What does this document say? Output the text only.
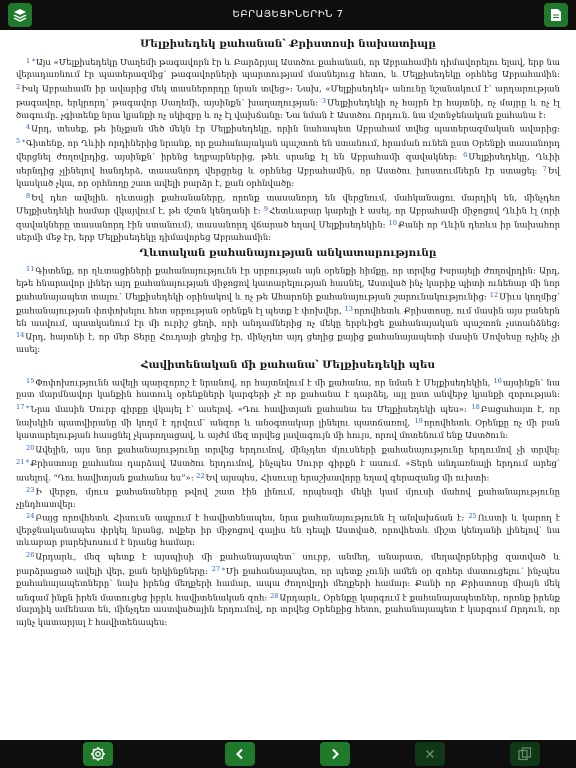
ԵԲՐԱՅԵՑԻՆԵՐԻՆ 7
Մելքիսեդեկ քահանան՝ Քրիստոսի նախատիպը

$^{1∗}$Այս «Մելքիսեդեկը Սաղեմի թագավորն էր և Բարձրյալ Աստծու քահանան, որ Աբրահամին դիմավորելու ելավ, երբ նա վերադառնում էր պատերազմից՝ թագավորների պարտությամ մասնեյուց հետո, և Մելքիսեդեկը օրհնեց Աբրահամին: $^2$Իսկ Աբրահամն իր ավարից մեկ տասներորդը նրան տվեց»: Նախ, «Մելքիսեդեկ» անունը նշանակում է՝ արդարության թագավոր, երկրորդ՝ թագավոր Սաղեմի, այսինքն՝ խաղաղության: $^3$Մելքիսեդեկի ոչ հայրն էր հայտնի, ոչ մայրը և ոչ էլ ծագումը. չգիտենք նրա կյանքի ոչ սկիզբը և ոչ էլ վախճանը: Նա նման է Աստծու Որդուն. նա մշտնջենական քահանա է:

$^4$Արդ, տեսեք, թե ինչքան մեծ մեկն էր Մելքիսեդեկը, որին նահապետ Աբրահամ տվեց պատերազմական ավարից: $^{5∗}$Գիտենք, որ Ղևիի որդիներից նրանք, որ քահանայական պաշտոն են ստանում, հրաման ունեն ըստ Օրենքի տասանորդ վերցնել ժողովրդից, այսինքն՝ իրենց եղբայրներից, թեև սրանք էլ են Աբրահամի զավակներ: $^6$Մելքիսեդեկը, Ղևիի սերնդից չլինելով հանդերձ, տասանորդ վերցրեց և օրհնեց Աբրահամին, որ Աստծու խոստումներն էր ստացել: $^7$Եվ կասկած չկա, որ օրհնողը շատ ավելի բարձր է, քան օրհնվածը:

$^8$Եվ դեռ ավելին. ղևտացի քահանաները, որոնք տասանորդ են վերցնում, մահկանացու մարդիկ են, մինչդեռ Մելքիսեդեկի համար վկայվում է, թե մշտն կենդանի է: $^9$Հետևաբար կարելի է ասել, որ Աբրահամի միջոցով Ղևին էլ (որի զավակները տասանորդ էին ստանում), տասանորդ վճարած եղավ Մելքիսեդեկին: $^{10}$Քանի որ Ղևին դեռևս իր նախահոր սերմի մեջ էր, երբ Մելքիսեդեկը դիմավորեց Աբրահամին:

Ղևտական քահանայության անկատարությունը

$^{11}$Գիտենք, որ ղևտացիների քահանայությունն էր սրբության այն օրենքի հիմքը, որ տրվեց Իսրայելի ժողովրդին: Արդ, եթե հնարավոր լիներ այդ քահանայության միջոցով կատարելության հասնել, Աստված ինչ կարիք պիտի ունենար մի նոր քահանայապետ տալու՝ Մելքիսեդեկի օրինակով և ոչ թե Ահարոնի քահանայության շարունակությունից: $^{12}$Միւս կողմից՝ քահանայության փոփոխելու հետ սրբության օրենքն էլ պետք է փոխվեր, $^{13}$որովհետև Քրիստոսը, ում մասին այս բաներն են ասվում, պատկանում էր մի ուրիշ ցեղի, որի անդամներից ոչ մեկը երբևիցե քահանայական պաշտոն չստանձնեց: $^{14}$Արդ, հայտնի է, որ մեր Տերը Հուդայի ցեղից էր, մինչդեռ այդ ցեղից քայից քահանայապետի մասին Մովսեսը ոչինչ չի ասել:

Հավիտենական մի քահանա՝ Մելքիսեդեկի պես

$^{15}$Փոփոխությունն ավելի պարզորոշ է նրանով, որ հայտնվում է մի քահանա, որ նման է Մելքիսեդեկին, $^{16}$այսինքն՝ նա ըստ մարմնավոր կանքին հատուկ օրենքների կարգերի չէ որ քահանա է դարձել, այլ ըստ անվերջ կյանքի զորության: $^{17∗}$Նրա մասին Սուրբ գիրքը վկայել է՝ ասելով. «Դու հավիտյան քահանա ես Մելքիսեդեկի պես»: $^{18}$Բացահայտ է, որ նախկին պատվիրանը մի կողմ է դրվում՝ անզոր և անօգտակար լինելու պատճառով, $^{19}$որովհետև Օրենքը ոչ մի բան կատարելության հասցնել չկարողացավ, և այժմ մեզ տրվեց լավագույն մի հույս, որով մոտենում ենք Աստծուն:

$^{20}$Ավելին, այս նոր քահանայությունը տրվեց երդումով, մինչդեռ մյուսների քահանայությունը երդումով չի տրվել: $^{21∗}$Քրիստոսը քահանա դարձավ Աստծու երդումով, ինչպես Սուրբ գիրքն է ասում. «Տերն անդառնալի երդում արեց՝ ասելով. “Դու հավիտյան քահանա ես”»: $^{22}$Եվ այսպես, Հիսուսը երաշխավորը եղավ գերազանց մի ուխտի:

$^{23}$Ի վերջո, մյուս քահանաները թվով շատ էին լինում, որպեսզի մեկի կամ մյուսի մահով քահանայությունը չընդհատվեր:

$^{24}$Բայց որովհետև Հիսուսն ապրում է հավիտենապես, նրա քահանայությունն էլ անվախճան է: $^{25}$Ուստի և կարող է վերջնականապես փրկել նրանց, ովքեր իր միջոցով գալիս են դեպի Աստված, որովհետև միշտ կենդանի լինելով՝ նա տևաբար բարեխոսում է նրանց համար:

$^{26}$Արդարև, մեզ պետք է այսպիսի մի քահանայապետ՝ սուրբ, անմեղ, անարատ, մեղավորներից զատված և բարձրացած ավելի վեր, քան երկինքները: $^{27∗}$Մի քահանայապետ, որ պետք չունի ամեն օր զոհեր մատուցելու՝ ինչպես քահանայապետները՝ նախ իրենց մեղքերի համար, ապա ժողովրդի մեղքերի համար: Քանի որ Քրիստոսը միայն մեկ անգամ ինքն իրեն մատուցեց իբրև հավիտենական զոհ: $^{28}$Արդարև, Օրենքը կարգում է քահանայապետներ, որոնք իրենք մարդիկ ամենատ են, մինչդեռ աստվածային երդումով, որ տրվեց Օրենքից հետո, քահանայապետ է կարգում Որդուն, որ այնչ կատարյալ է հավիտենապես:
